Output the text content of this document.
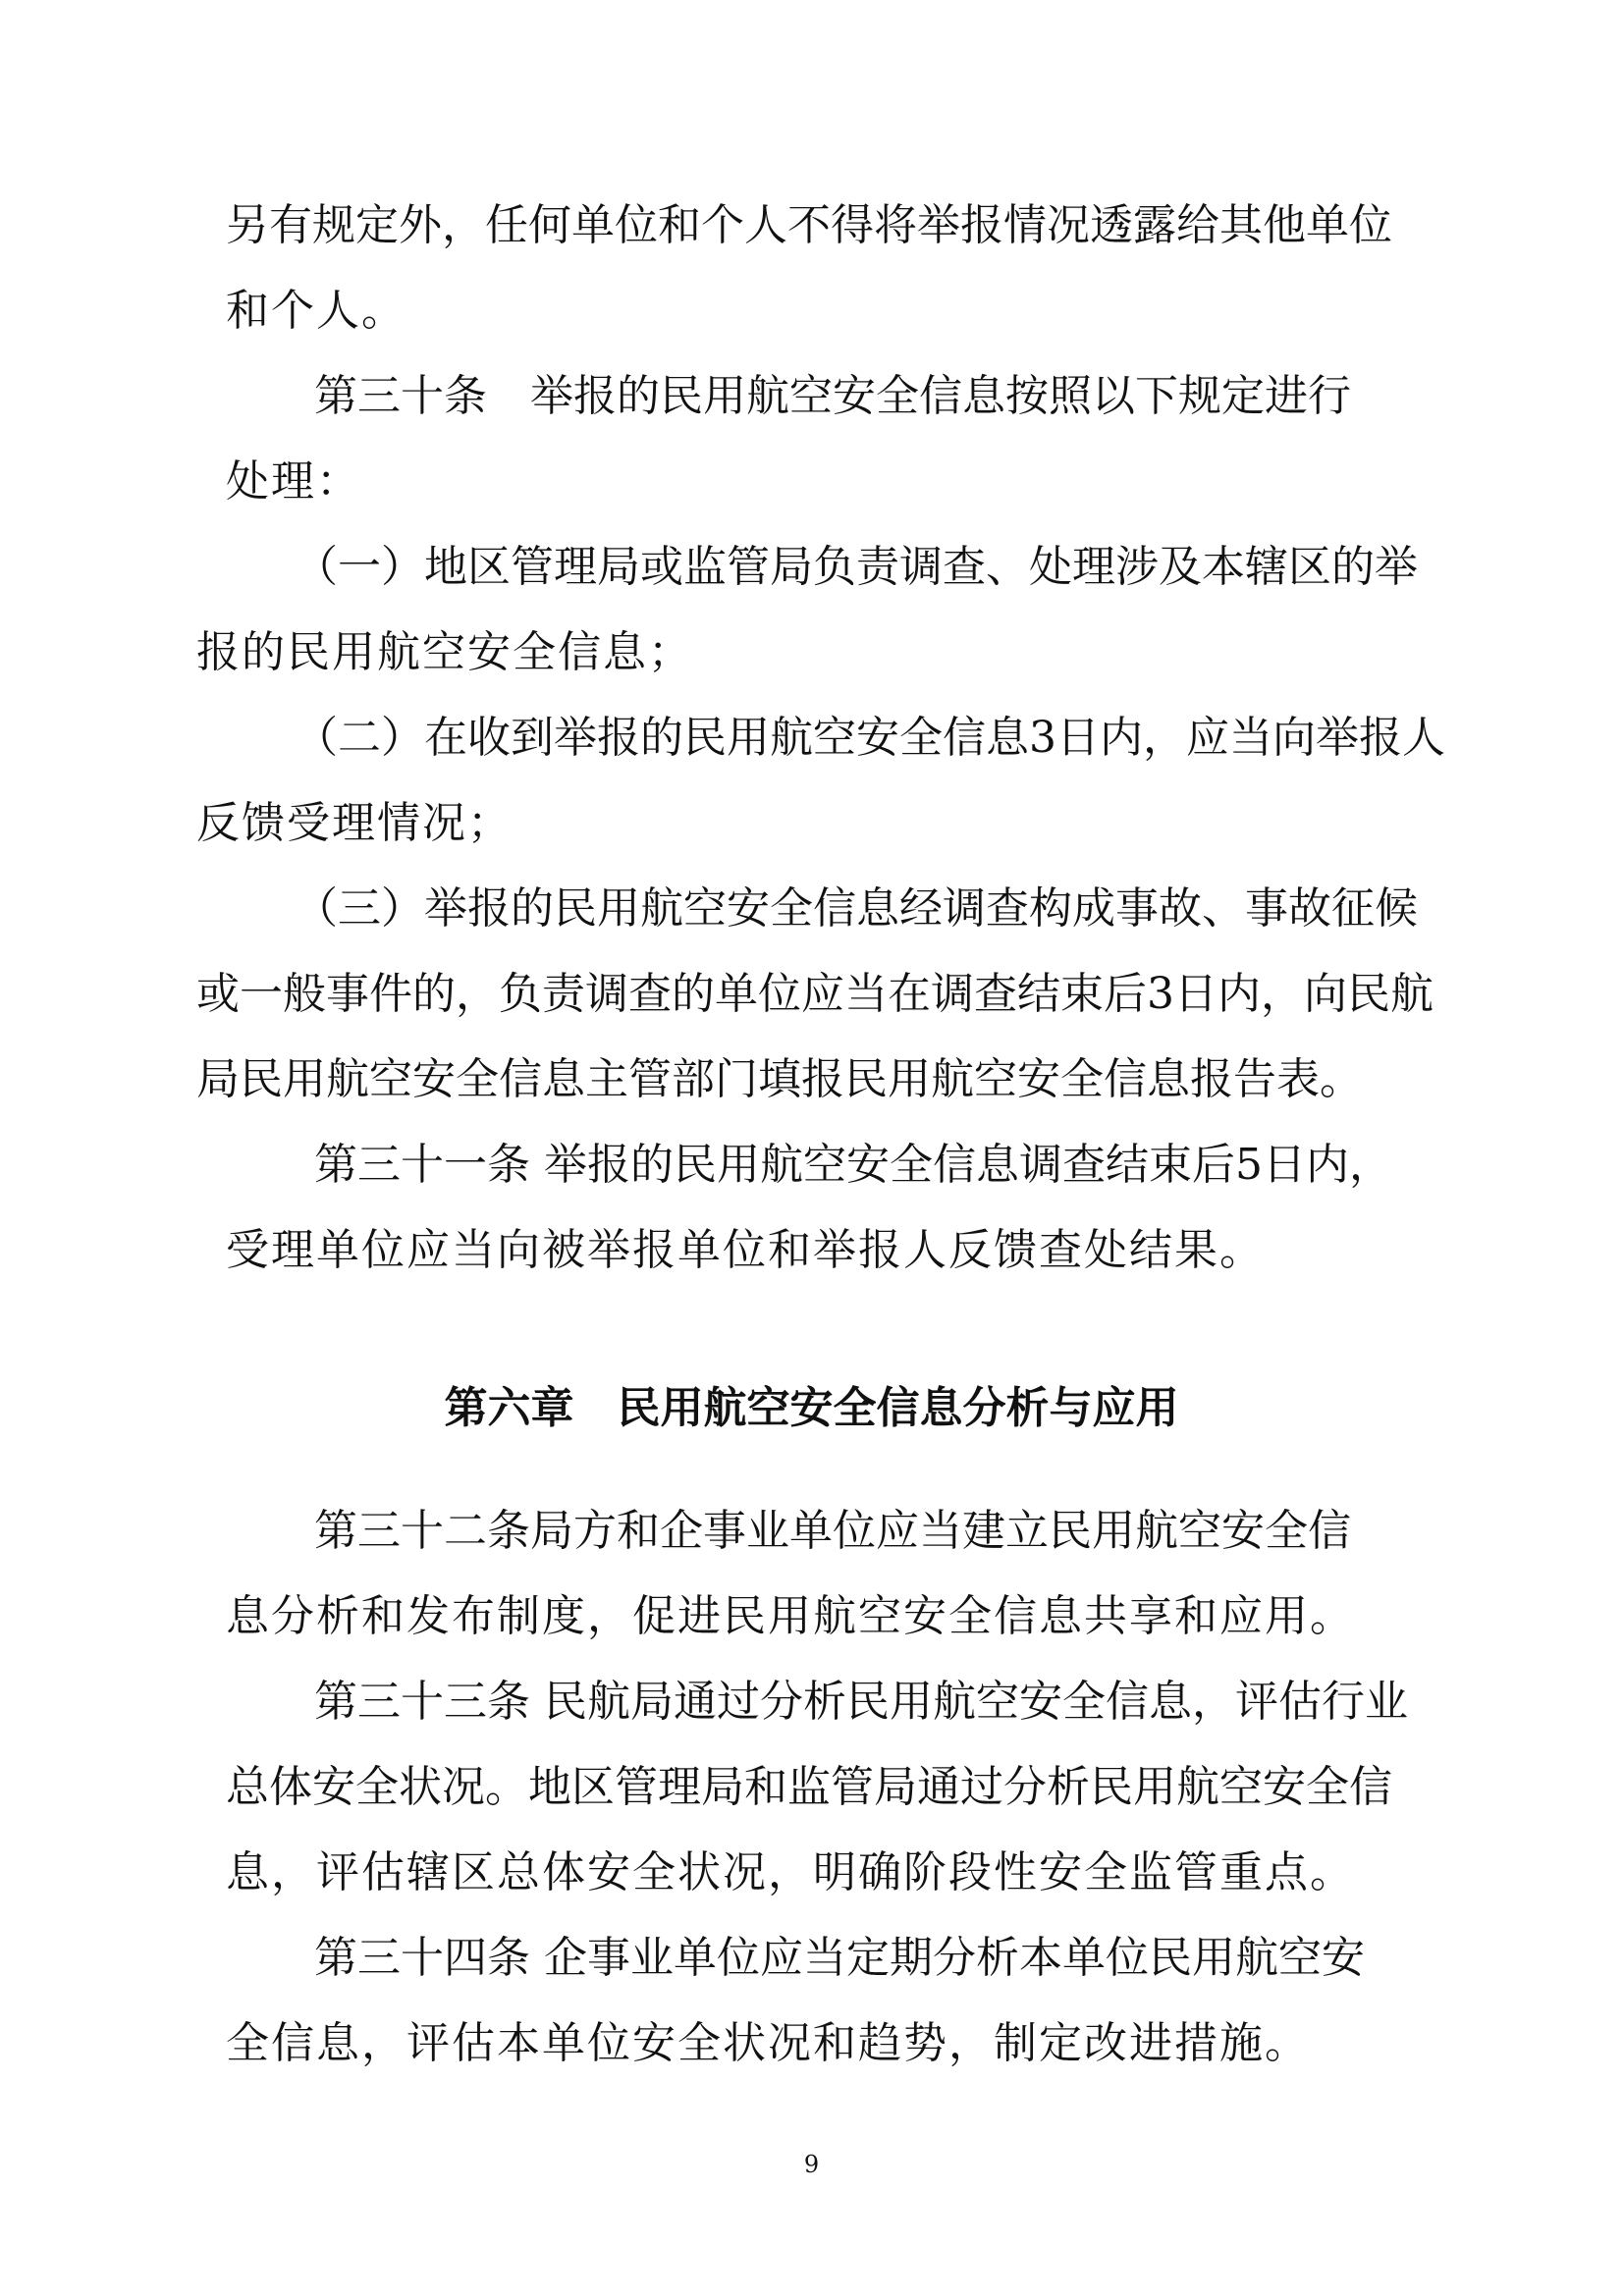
另有规定外，任何单位和个人不得将举报情况透露给其他单位
和个人。
第三十条　举报的民用航空安全信息按照以下规定进行
处理：
（一）地区管理局或监管局负责调查、处理涉及本辖区的举
报的民用航空安全信息；
（二）在收到举报的民用航空安全信息3日内，应当向举报人
反馈受理情况；
（三）举报的民用航空安全信息经调查构成事故、事故征候
或一般事件的，负责调查的单位应当在调查结束后3日内，向民航
局民用航空安全信息主管部门填报民用航空安全信息报告表。
第三十一条 举报的民用航空安全信息调查结束后5日内，
受理单位应当向被举报单位和举报人反馈查处结果。
第六章　民用航空安全信息分析与应用
第三十二条局方和企事业单位应当建立民用航空安全信
息分析和发布制度，促进民用航空安全信息共享和应用。
第三十三条 民航局通过分析民用航空安全信息，评估行业
总体安全状况。地区管理局和监管局通过分析民用航空安全信
息，评估辖区总体安全状况，明确阶段性安全监管重点。
第三十四条 企事业单位应当定期分析本单位民用航空安
全信息，评估本单位安全状况和趋势，制定改进措施。
9
